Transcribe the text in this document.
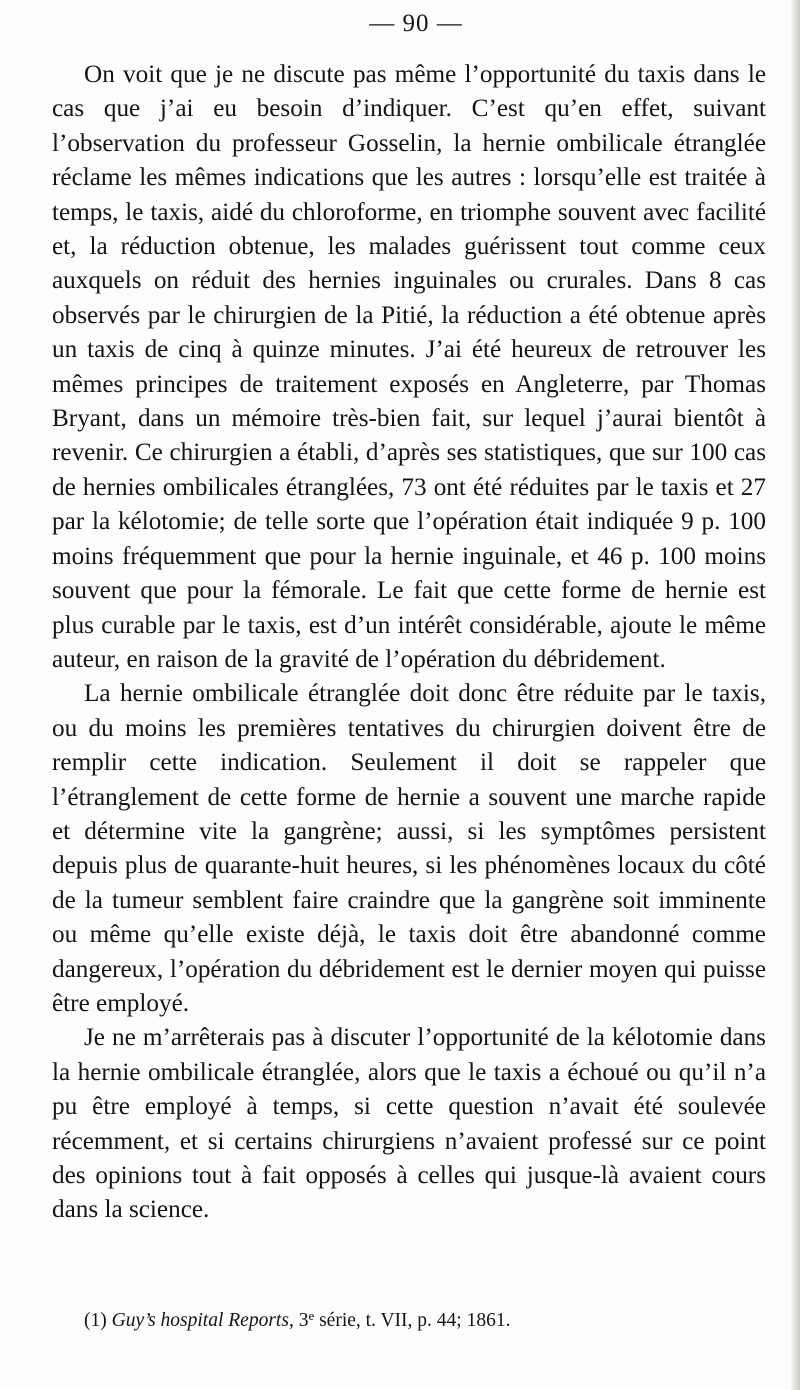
— 90 —

On voit que je ne discute pas même l’opportunité du taxis dans le cas que j’ai eu besoin d’indiquer. C’est qu’en effet, suivant l’observation du professeur Gosselin, la hernie ombilicale étranglée réclame les mêmes indications que les autres : lorsqu’elle est traitée à temps, le taxis, aidé du chloroforme, en triomphe souvent avec facilité et, la réduction obtenue, les malades guérissent tout comme ceux auxquels on réduit des hernies inguinales ou crurales. Dans 8 cas observés par le chirurgien de la Pitié, la réduction a été obtenue après un taxis de cinq à quinze minutes. J’ai été heureux de retrouver les mêmes principes de traitement exposés en Angleterre, par Thomas Bryant, dans un mémoire très-bien fait, sur lequel j’aurai bientôt à revenir. Ce chirurgien a établi, d’après ses statistiques, que sur 100 cas de hernies ombilicales étranglées, 73 ont été réduites par le taxis et 27 par la kélotomie; de telle sorte que l’opération était indiquée 9 p. 100 moins fréquemment que pour la hernie inguinale, et 46 p. 100 moins souvent que pour la fémorale. Le fait que cette forme de hernie est plus curable par le taxis, est d’un intérêt considérable, ajoute le même auteur, en raison de la gravité de l’opération du débridement.

La hernie ombilicale étranglée doit donc être réduite par le taxis, ou du moins les premières tentatives du chirurgien doivent être de remplir cette indication. Seulement il doit se rappeler que l’étranglement de cette forme de hernie a souvent une marche rapide et détermine vite la gangrène; aussi, si les symptômes persistent depuis plus de quarante-huit heures, si les phénomènes locaux du côté de la tumeur semblent faire craindre que la gangrène soit imminente ou même qu’elle existe déjà, le taxis doit être abandonné comme dangereux, l’opération du débridement est le dernier moyen qui puisse être employé.

Je ne m’arrêterais pas à discuter l’opportunité de la kélotomie dans la hernie ombilicale étranglée, alors que le taxis a échoué ou qu’il n’a pu être employé à temps, si cette question n’avait été soulevée récemment, et si certains chirurgiens n’avaient professé sur ce point des opinions tout à fait opposés à celles qui jusque-là avaient cours dans la science.

(1) Guy’s hospital Reports, 3e série, t. VII, p. 44; 1861.
